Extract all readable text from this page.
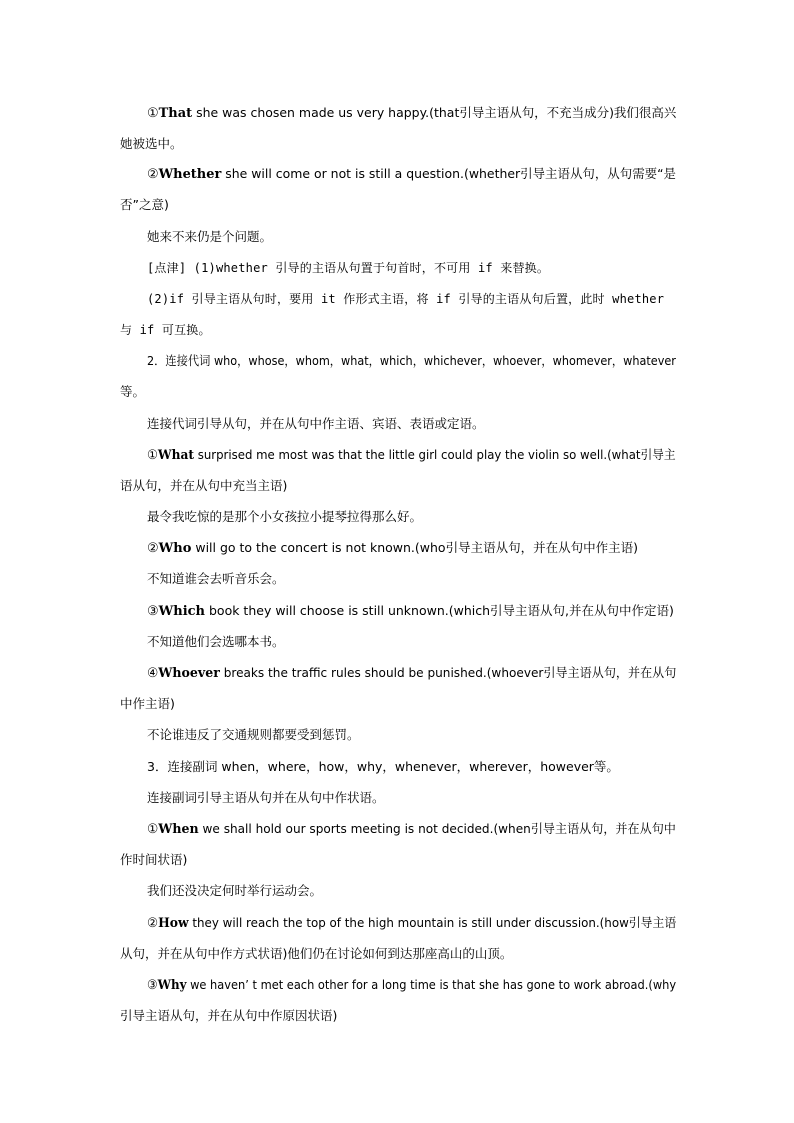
①That she was chosen made us very happy.(that引导主语从句，不充当成分)我们很高兴
她被选中。
②Whether she will come or not is still a question.(whether引导主语从句，从句需要“是
否”之意)
她来不来仍是个问题。
[点津] (1)whether 引导的主语从句置于句首时，不可用 if 来替换。
(2)if 引导主语从句时，要用 it 作形式主语，将 if 引导的主语从句后置，此时 whether
与 if 可互换。
2．连接代词 who，whose，whom，what，which，whichever，whoever，whomever，whatever
等。
连接代词引导从句，并在从句中作主语、宾语、表语或定语。
①What surprised me most was that the little girl could play the violin so well.(what引导主
语从句，并在从句中充当主语)
最令我吃惊的是那个小女孩拉小提琴拉得那么好。
②Who will go to the concert is not known.(who引导主语从句，并在从句中作主语)
不知道谁会去听音乐会。
③Which book they will choose is still unknown.(which引导主语从句,并在从句中作定语)
不知道他们会选哪本书。
④Whoever breaks the traffic rules should be punished.(whoever引导主语从句，并在从句
中作主语)
不论谁违反了交通规则都要受到惩罚。
3．连接副词 when，where，how，why，whenever，wherever，however等。
连接副词引导主语从句并在从句中作状语。
①When we shall hold our sports meeting is not decided.(when引导主语从句，并在从句中
作时间状语)
我们还没决定何时举行运动会。
②How they will reach the top of the high mountain is still under discussion.(how引导主语
从句，并在从句中作方式状语)他们仍在讨论如何到达那座高山的山顶。
③Why we haven’ t met each other for a long time is that she has gone to work abroad.(why
引导主语从句，并在从句中作原因状语)
